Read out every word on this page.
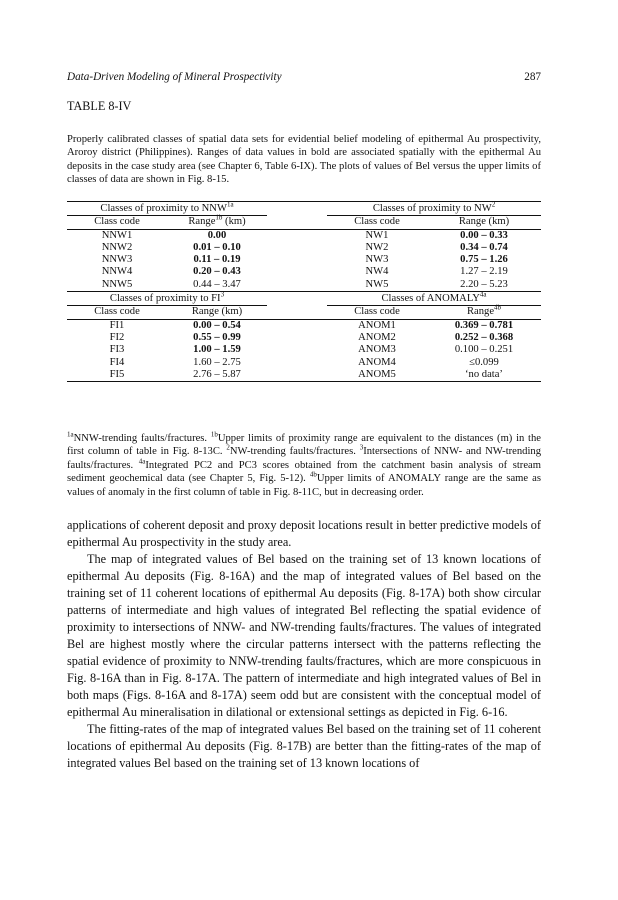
Data-Driven Modeling of Mineral Prospectivity	287
TABLE 8-IV
Properly calibrated classes of spatial data sets for evidential belief modeling of epithermal Au prospectivity, Aroroy district (Philippines). Ranges of data values in bold are associated spatially with the epithermal Au deposits in the case study area (see Chapter 6, Table 6-IX). The plots of values of Bel versus the upper limits of classes of data are shown in Fig. 8-15.
Classes of proximity to $NNW^{1a}$			Classes of proximity to $NW^2$
Class code	Range$^{1b}$ (km)		Class code	Range (km)
NNW1	0.00		NW1	0.00 – 0.33
NNW2	0.01 – 0.10		NW2	0.34 – 0.74
NNW3	0.11 – 0.19		NW3	0.75 – 1.26
NNW4	0.20 – 0.43		NW4	1.27 – 2.19
NNW5	0.44 – 3.47		NW5	2.20 – 5.23
Classes of proximity to $FI^3$			Classes of $ANOMALY^{4a}$
Class code	Range (km)		Class code	Range$^{4b}$
FI1	0.00 – 0.54		ANOM1	0.369 – 0.781
FI2	0.55 – 0.99		ANOM2	0.252 – 0.368
FI3	1.00 – 1.59		ANOM3	0.100 – 0.251
FI4	1.60 – 2.75		ANOM4	≤0.099
FI5	2.76 – 5.87		ANOM5	‘no data’
$^{1a}$NNW-trending faults/fractures. $^{1b}$Upper limits of proximity range are equivalent to the distances (m) in the first column of table in Fig. 8-13C. $^2$NW-trending faults/fractures. $^3$Intersections of NNW- and NW-trending faults/fractures. $^{4a}$Integrated PC2 and PC3 scores obtained from the catchment basin analysis of stream sediment geochemical data (see Chapter 5, Fig. 5-12). $^{4b}$Upper limits of ANOMALY range are the same as values of anomaly in the first column of table in Fig. 8-11C, but in decreasing order.

applications of coherent deposit and proxy deposit locations result in better predictive models of epithermal Au prospectivity in the study area.

The map of integrated values of Bel based on the training set of 13 known locations of epithermal Au deposits (Fig. 8-16A) and the map of integrated values of Bel based on the training set of 11 coherent locations of epithermal Au deposits (Fig. 8-17A) both show circular patterns of intermediate and high values of integrated Bel reflecting the spatial evidence of proximity to intersections of NNW- and NW-trending faults/fractures. The values of integrated Bel are highest mostly where the circular patterns intersect with the patterns reflecting the spatial evidence of proximity to NNW-trending faults/fractures, which are more conspicuous in Fig. 8-16A than in Fig. 8-17A. The pattern of intermediate and high integrated values of Bel in both maps (Figs. 8-16A and 8-17A) seem odd but are consistent with the conceptual model of epithermal Au mineralisation in dilational or extensional settings as depicted in Fig. 6-16.

The fitting-rates of the map of integrated values Bel based on the training set of 11 coherent locations of epithermal Au deposits (Fig. 8-17B) are better than the fitting-rates of the map of integrated values Bel based on the training set of 13 known locations of
